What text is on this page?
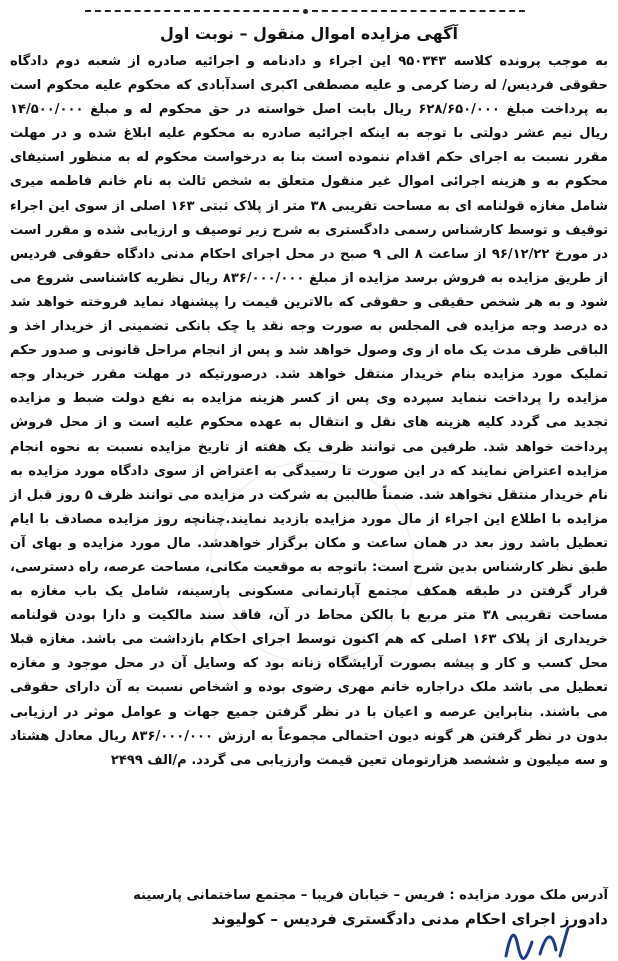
آگهی مزایده اموال منقول – نوبت اول

به موجب پرونده کلاسه ۹۵۰۳۴۳ این اجراء و دادنامه و اجرائیه صادره از شعبه دوم دادگاه حقوقی فردیس/ له رضا کرمی و علیه مصطفی اکبری اسدآبادی که محکوم علیه محکوم است به پرداخت مبلغ ۶۲۸/۶۵۰/۰۰۰ ریال بابت اصل خواسته در حق محکوم له و مبلغ ۱۴/۵۰۰/۰۰۰ ریال نیم عشر دولتی با توجه به اینکه اجرائیه صادره به محکوم علیه ابلاغ شده و در مهلت مقرر نسبت به اجرای حکم اقدام ننموده است بنا به درخواست محکوم له به منظور استیفای محکوم به و هزینه اجرائی اموال غیر منقول متعلق به شخص ثالث به نام خانم فاطمه میری شامل مغازه قولنامه ای به مساحت تقریبی ۳۸ متر از پلاک ثبتی ۱۶۳ اصلی از سوی این اجراء توقیف و توسط کارشناس رسمی دادگستری به شرح زیر توصیف و ارزیابی شده و مقرر است در مورخ ۹۶/۱۲/۲۲ از ساعت ۸ الی ۹ صبح در محل اجرای احکام مدنی دادگاه حقوقی فردیس از طریق مزایده به فروش برسد مزایده از مبلغ ۸۳۶/۰۰۰/۰۰۰ ریال نظریه کاشناسی شروع می شود و به هر شخص حقیقی و حقوقی که بالاترین قیمت را پیشنهاد نماید فروخته خواهد شد ده درصد وجه مزایده فی المجلس به صورت وجه نقد یا چک بانکی تضمینی از خریدار اخذ و الباقی ظرف مدت یک ماه از وی وصول خواهد شد و پس از انجام مراحل قانونی و صدور حکم تملیک مورد مزایده بنام خریدار منتقل خواهد شد. درصورتیکه در مهلت مقرر خریدار وجه مزایده را پرداخت ننماید سپرده وی پس از کسر هزینه مزایده به نفع دولت ضبط و مزایده تجدید می گردد کلیه هزینه های نقل و انتقال به عهده محکوم علیه است و از محل فروش پرداخت خواهد شد. طرفین می توانند ظرف یک هفته از تاریخ مزایده نسبت به نحوه انجام مزایده اعتراض نمایند که در این صورت تا رسیدگی به اعتراض از سوی دادگاه مورد مزایده به نام خریدار منتقل نخواهد شد. ضمناً طالبین به شرکت در مزایده می توانند ظرف ۵ روز قبل از مزایده با اطلاع این اجراء از مال مورد مزایده بازدید نمایند.چنانچه روز مزایده مصادف با ایام تعطیل باشد روز بعد در همان ساعت و مکان برگزار خواهدشد. مال مورد مزایده و بهای آن طبق نظر کارشناس بدین شرح است: باتوجه به موقعیت مکانی، مساحت عرصه، راه دسترسی، قرار گرفتن در طبقه همکف مجتمع آپارتمانی مسکونی پارسینه، شامل یک باب مغازه به مساحت تقریبی ۳۸ متر مربع با بالکن محاط در آن، فاقد سند مالکیت و دارا بودن قولنامه خریداری از پلاک ۱۶۳ اصلی که هم اکنون توسط اجرای احکام بازداشت می باشد. مغازه قبلا محل کسب و کار و پیشه بصورت آرایشگاه زنانه بود که وسایل آن در محل موجود و مغازه تعطیل می باشد ملک دراجاره خانم مهری رضوی بوده و اشخاص نسبت به آن دارای حقوقی می باشند. بنابراین عرصه و اعیان با در نظر گرفتن جمیع جهات و عوامل موثر در ارزیابی بدون در نظر گرفتن هر گونه دیون احتمالی مجموعاً به ارزش ۸۳۶/۰۰۰/۰۰۰ ریال معادل هشتاد و سه میلیون و ششصد هزارتومان تعین قیمت وارزیابی می گردد. م/الف ۲۴۹۹

آدرس ملک مورد مزایده : فریس – خیابان فریبا – مجتمع ساختمانی پارسینه
دادورز اجرای احکام مدنی دادگستری فردیس – کولیوند
